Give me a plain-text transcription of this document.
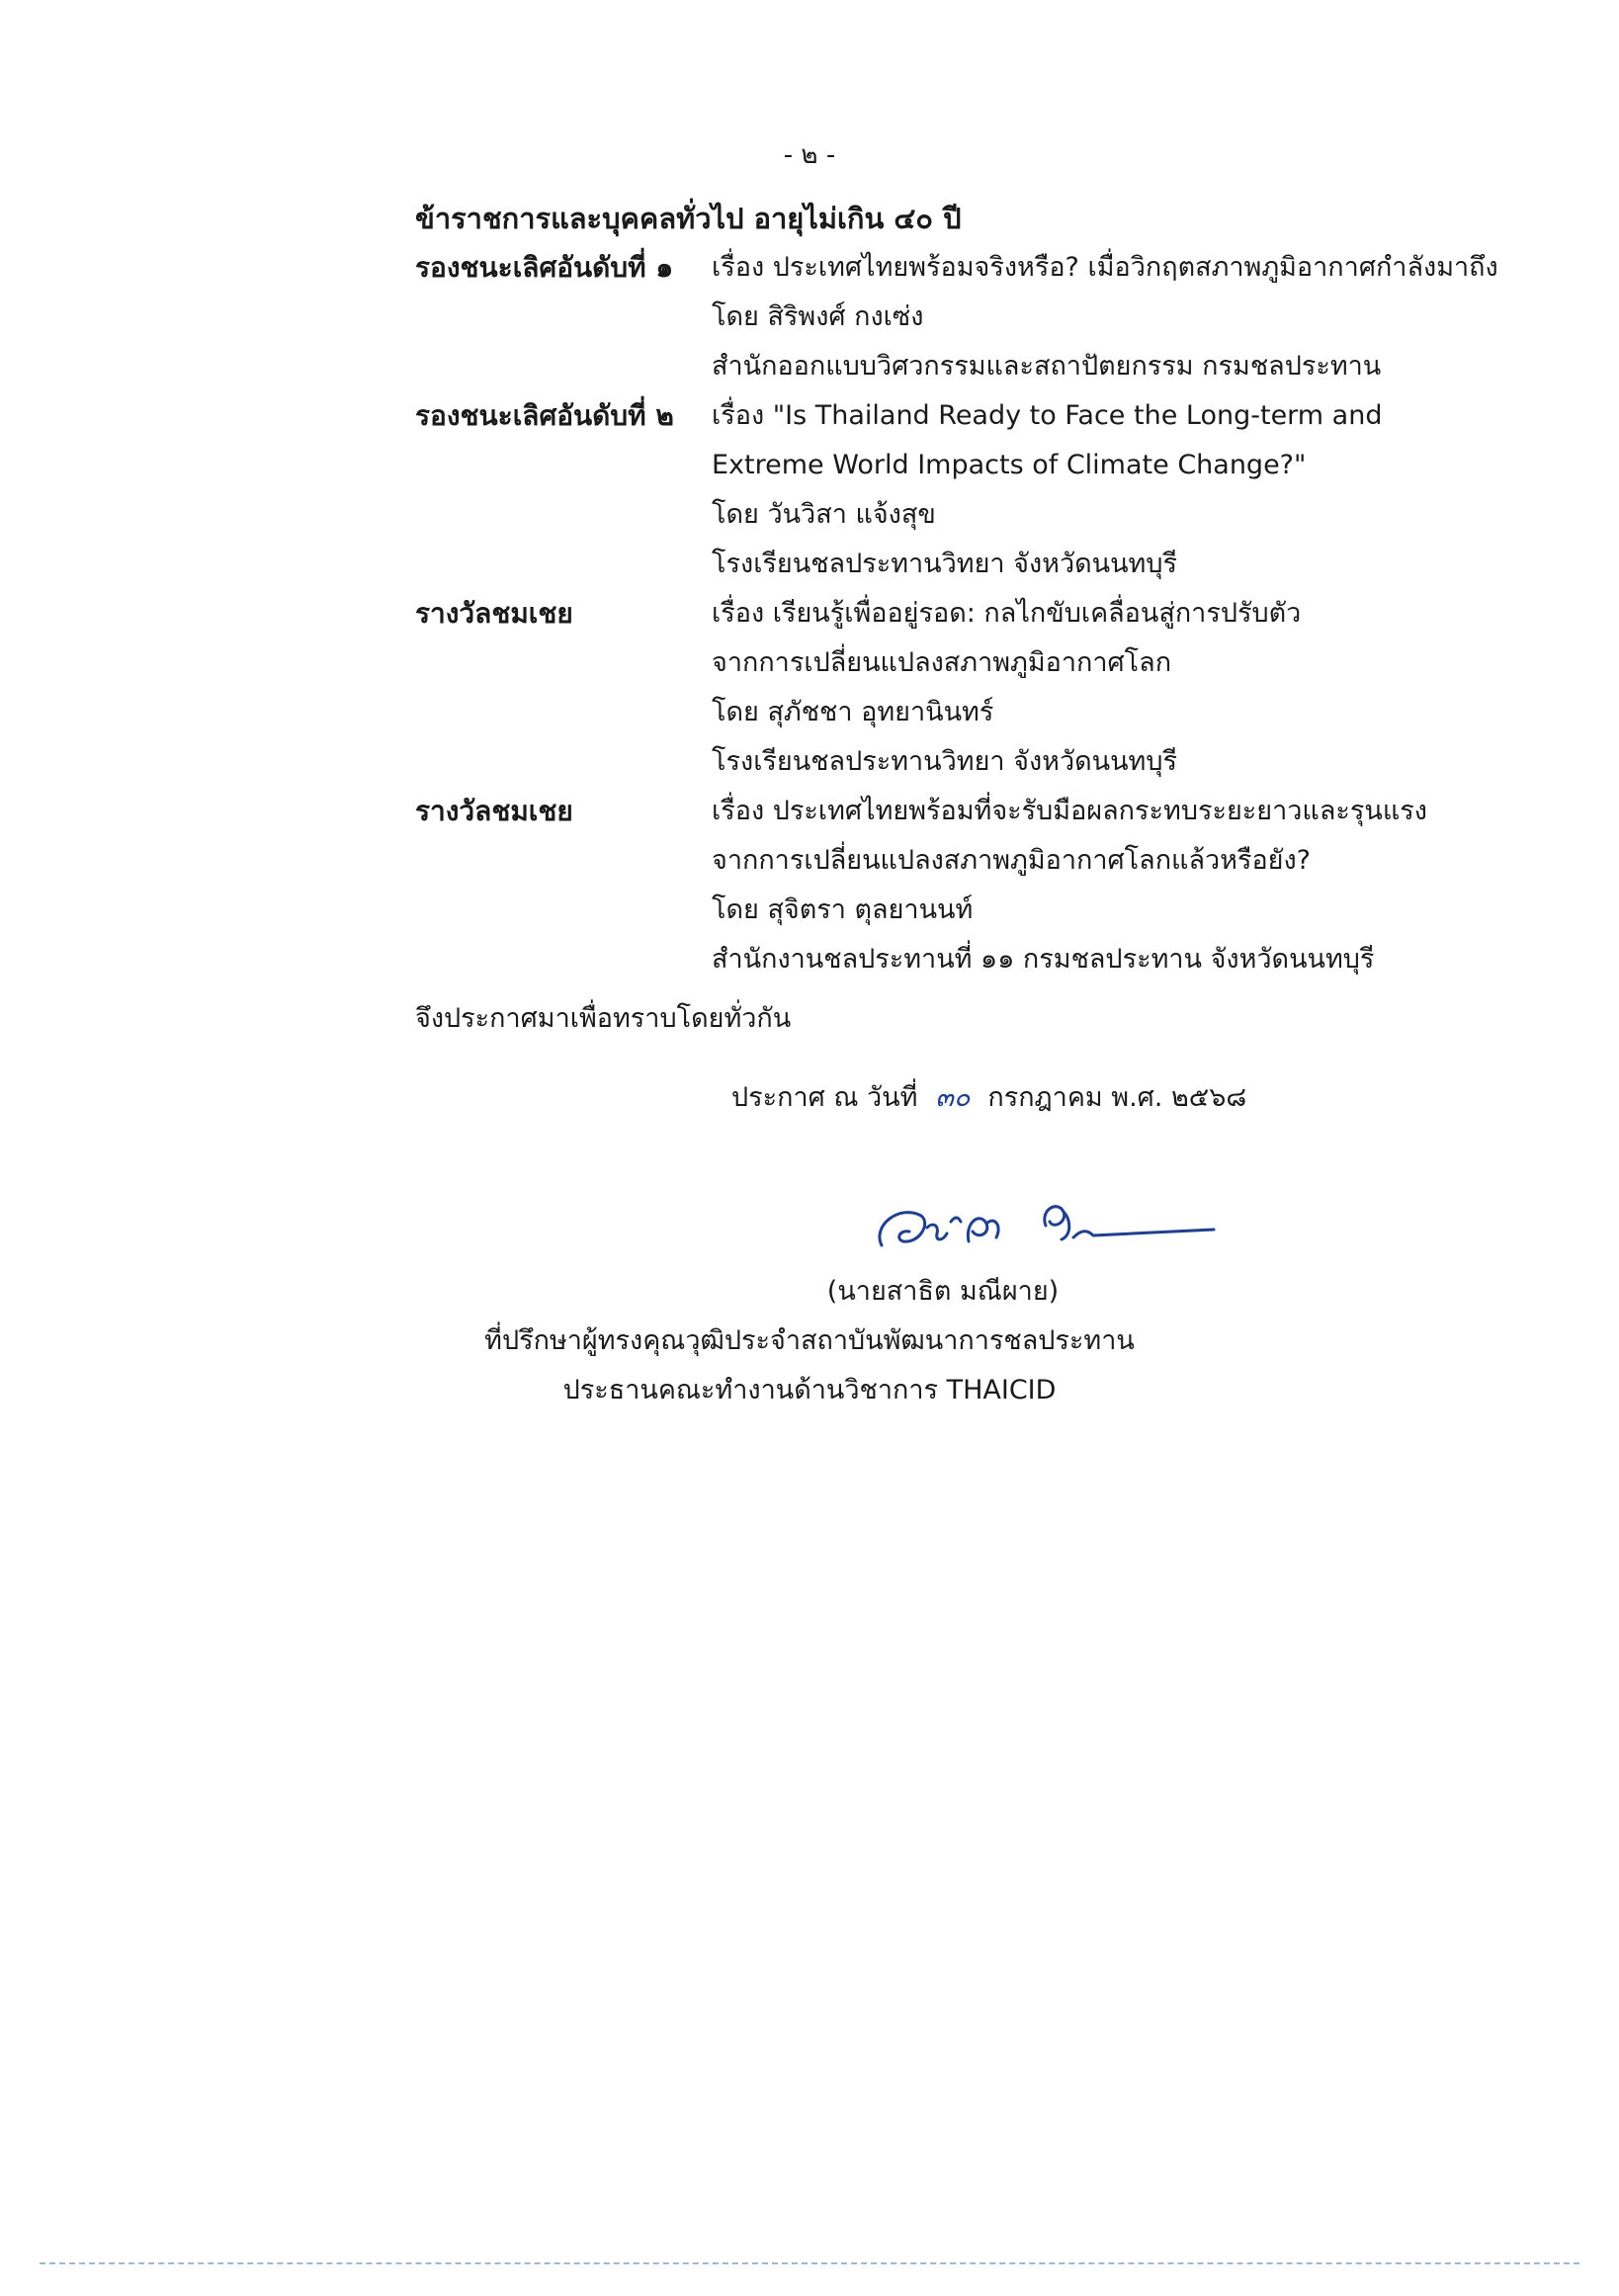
- ๒ -
ข้าราชการและบุคคลทั่วไป อายุไม่เกิน ๔๐ ปี
รองชนะเลิศอันดับที่ ๑ เรื่อง ประเทศไทยพร้อมจริงหรือ? เมื่อวิกฤตสภาพภูมิอากาศกำลังมาถึง
โดย สิริพงศ์ กงเซ่ง
สำนักออกแบบวิศวกรรมและสถาปัตยกรรม กรมชลประทาน
รองชนะเลิศอันดับที่ ๒ เรื่อง "Is Thailand Ready to Face the Long-term and
Extreme World Impacts of Climate Change?"
โดย วันวิสา แจ้งสุข
โรงเรียนชลประทานวิทยา จังหวัดนนทบุรี
รางวัลชมเชย	เรื่อง เรียนรู้เพื่ออยู่รอด: กลไกขับเคลื่อนสู่การปรับตัว
จากการเปลี่ยนแปลงสภาพภูมิอากาศโลก
โดย สุภัชชา อุทยานินทร์
โรงเรียนชลประทานวิทยา จังหวัดนนทบุรี
รางวัลชมเชย	เรื่อง ประเทศไทยพร้อมที่จะรับมือผลกระทบระยะยาวและรุนแรง
จากการเปลี่ยนแปลงสภาพภูมิอากาศโลกแล้วหรือยัง?
โดย สุจิตรา ตุลยานนท์
สำนักงานชลประทานที่ ๑๑ กรมชลประทาน จังหวัดนนทบุรี
จึงประกาศมาเพื่อทราบโดยทั่วกัน
ประกาศ ณ วันที่ ๓๐ กรกฎาคม พ.ศ. ๒๕๖๘
(นายสาธิต มณีผาย)
ที่ปรึกษาผู้ทรงคุณวุฒิประจำสถาบันพัฒนาการชลประทาน
ประธานคณะทำงานด้านวิชาการ THAICID
